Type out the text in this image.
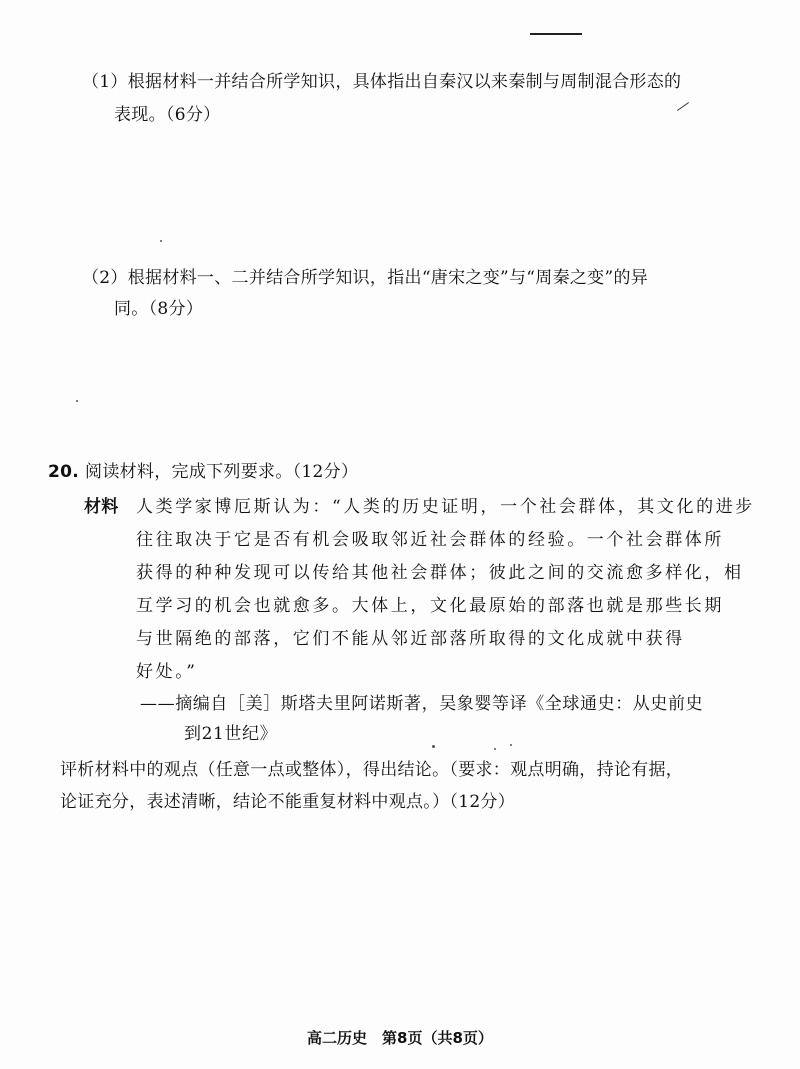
（1）根据材料一并结合所学知识，具体指出自秦汉以来秦制与周制混合形态的
表现。（6分）
（2）根据材料一、二并结合所学知识，指出“唐宋之变”与“周秦之变”的异
同。（8分）
20. 阅读材料，完成下列要求。（12分）
材料 人类学家博厄斯认为：“人类的历史证明，一个社会群体，其文化的进步
往往取决于它是否有机会吸取邻近社会群体的经验。一个社会群体所
获得的种种发现可以传给其他社会群体；彼此之间的交流愈多样化，相
互学习的机会也就愈多。大体上，文化最原始的部落也就是那些长期
与世隔绝的部落，它们不能从邻近部落所取得的文化成就中获得
好处。”
——摘编自［美］斯塔夫里阿诺斯著，吴象婴等译《全球通史：从史前史
到21世纪》
评析材料中的观点（任意一点或整体），得出结论。（要求：观点明确，持论有据，
论证充分，表述清晰，结论不能重复材料中观点。）（12分）
高二历史　第8页（共8页）
